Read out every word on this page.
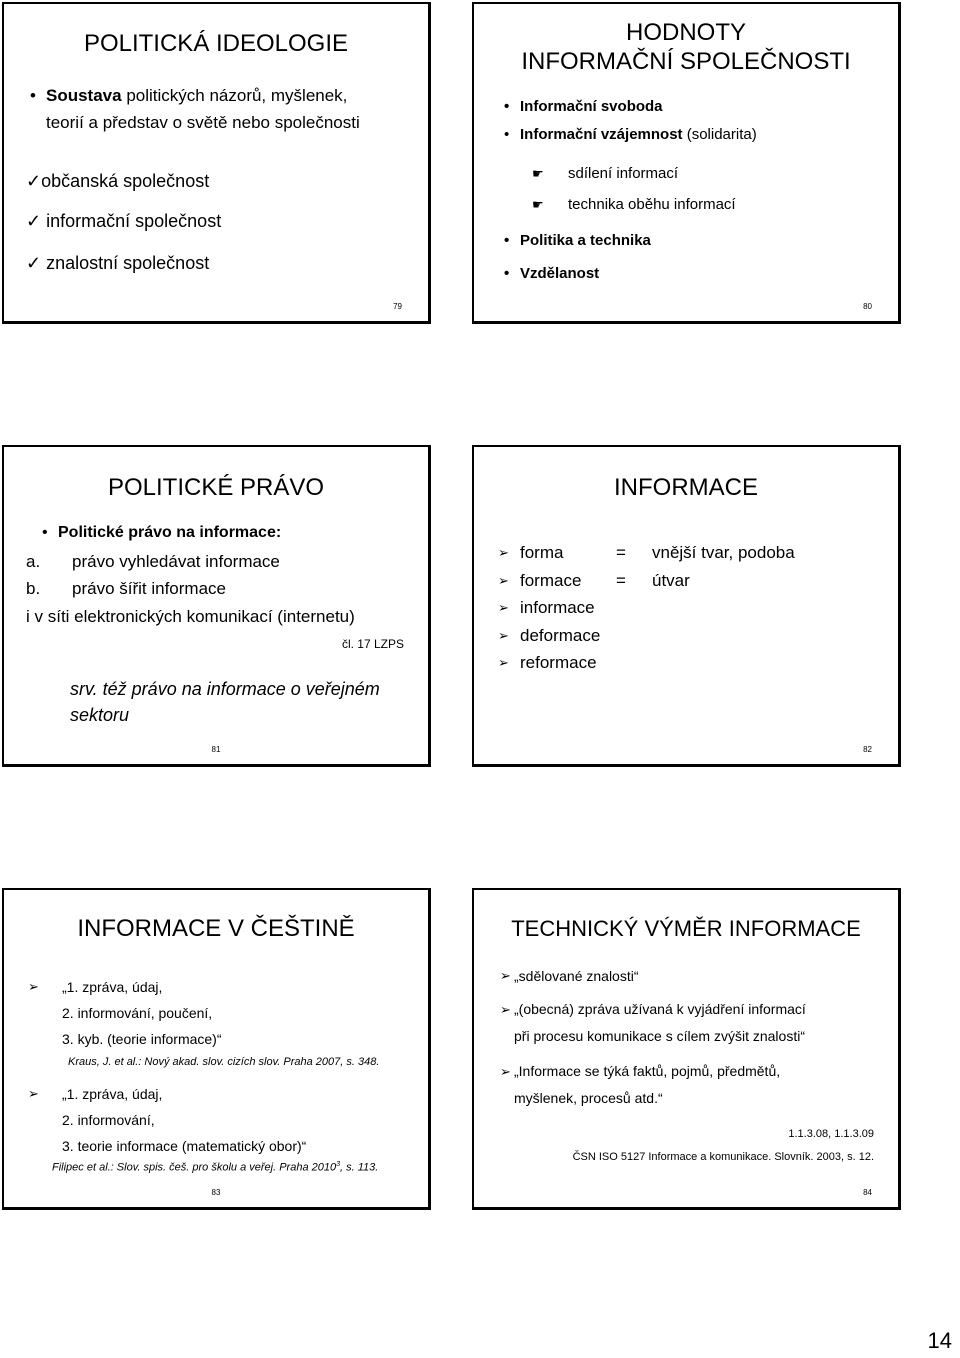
POLITICKÁ IDEOLOGIE
Soustava politických názorů, myšlenek,
teorií a představ o světě nebo společnosti
✓občanská společnost
✓ informační společnost
✓ znalostní společnost
79
HODNOTY
INFORMAČNÍ SPOLEČNOSTI
Informační svoboda
Informační vzájemnost (solidarita)
☛ sdílení informací
☛ technika oběhu informací
Politika a technika
Vzdělanost
80
POLITICKÉ PRÁVO
Politické právo na informace:
a. právo vyhledávat informace
b. právo šířit informace
i v síti elektronických komunikací (internetu)
čl. 17 LZPS
srv. též právo na informace o veřejném
sektoru
81
INFORMACE
➢ forma	= vnější tvar, podoba
➢ formace = útvar
➢ informace
➢ deformace
➢ reformace
82
INFORMACE V ČEŠTINĚ
➢ „1. zpráva, údaj,
2. informování, poučení,
3. kyb. (teorie informace)“
Kraus, J. et al.: Nový akad. slov. cizích slov. Praha 2007, s. 348.
➢ „1. zpráva, údaj,
2. informování,
3. teorie informace (matematický obor)“
Filipec et al.: Slov. spis. češ. pro školu a veřej. Praha 2010$^3$, s. 113.
83
TECHNICKÝ VÝMĚR INFORMACE
➢ „sdělované znalosti“
➢ „(obecná) zpráva užívaná k vyjádření informací
při procesu komunikace s cílem zvýšit znalosti“
➢ „Informace se týká faktů, pojmů, předmětů,
myšlenek, procesů atd.“
1.1.3.08, 1.1.3.09
ČSN ISO 5127 Informace a komunikace. Slovník. 2003, s. 12.
84
14
